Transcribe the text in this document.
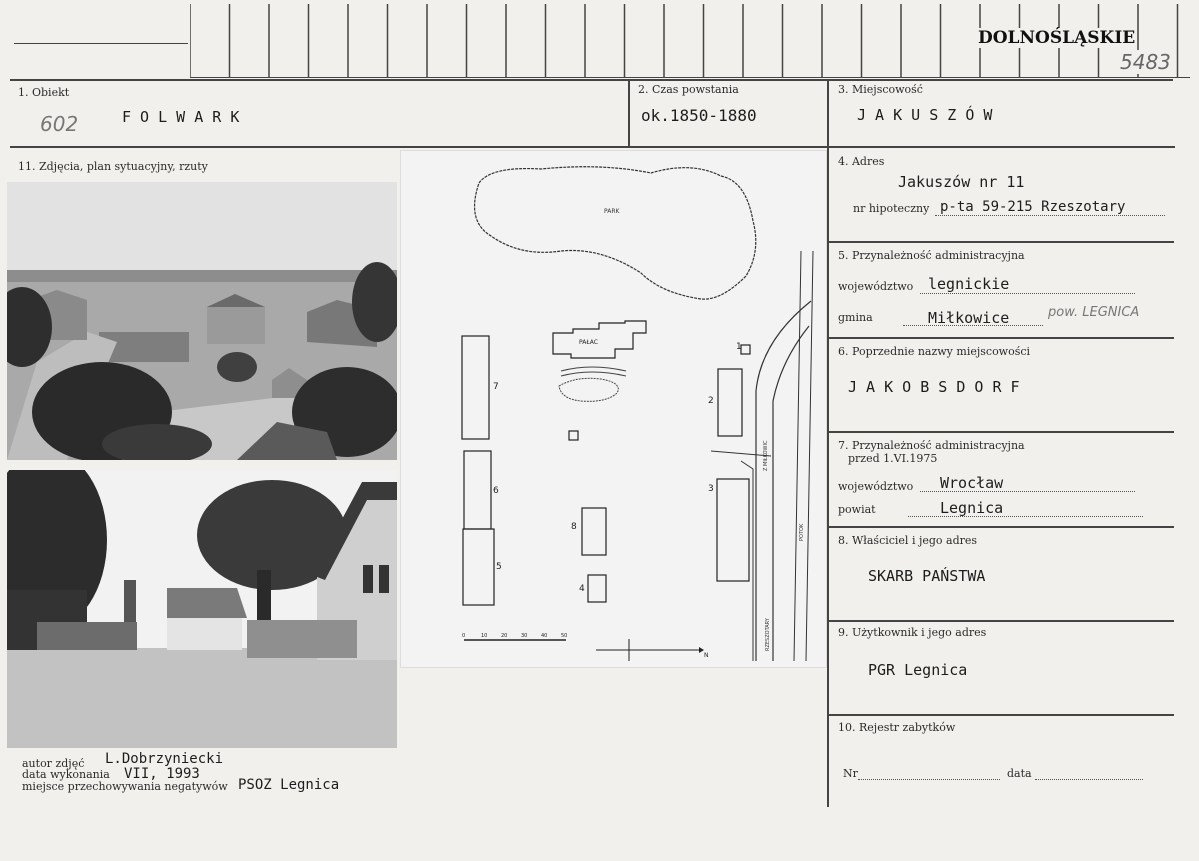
DOLNOŚLĄSKIE
5483
1. Obiekt
602	F O L W A R K
2. Czas powstania
ok.1850-1880
3. Miejscowość
J A K U S Z Ó W
11. Zdjęcia, plan sytuacyjny, rzuty
PARK
PAŁAC	1
2
3
4
5
6
7
8
RZESZOTARY
POTOK
Z MIŁKOWIC
0	10	20	30	40	50
N
4. Adres
Jakuszów nr 11
nr hipoteczny p-ta 59-215 Rzeszotary
5. Przynależność administracyjna
województwo legnickie
gmina	Miłkowice	pow. LEGNICA
6. Poprzednie nazwy miejscowości
J A K O B S D O R F
7. Przynależność administracyjna
przed 1.VI.1975
województwo Wrocław
powiat	Legnica
8. Właściciel i jego adres
SKARB PAŃSTWA
9. Użytkownik i jego adres
PGR Legnica
10. Rejestr zabytków
Nr	data
autor zdjęć L.Dobrzyniecki
data wykonania VII, 1993
miejsce przechowywania negatywów PSOZ Legnica
